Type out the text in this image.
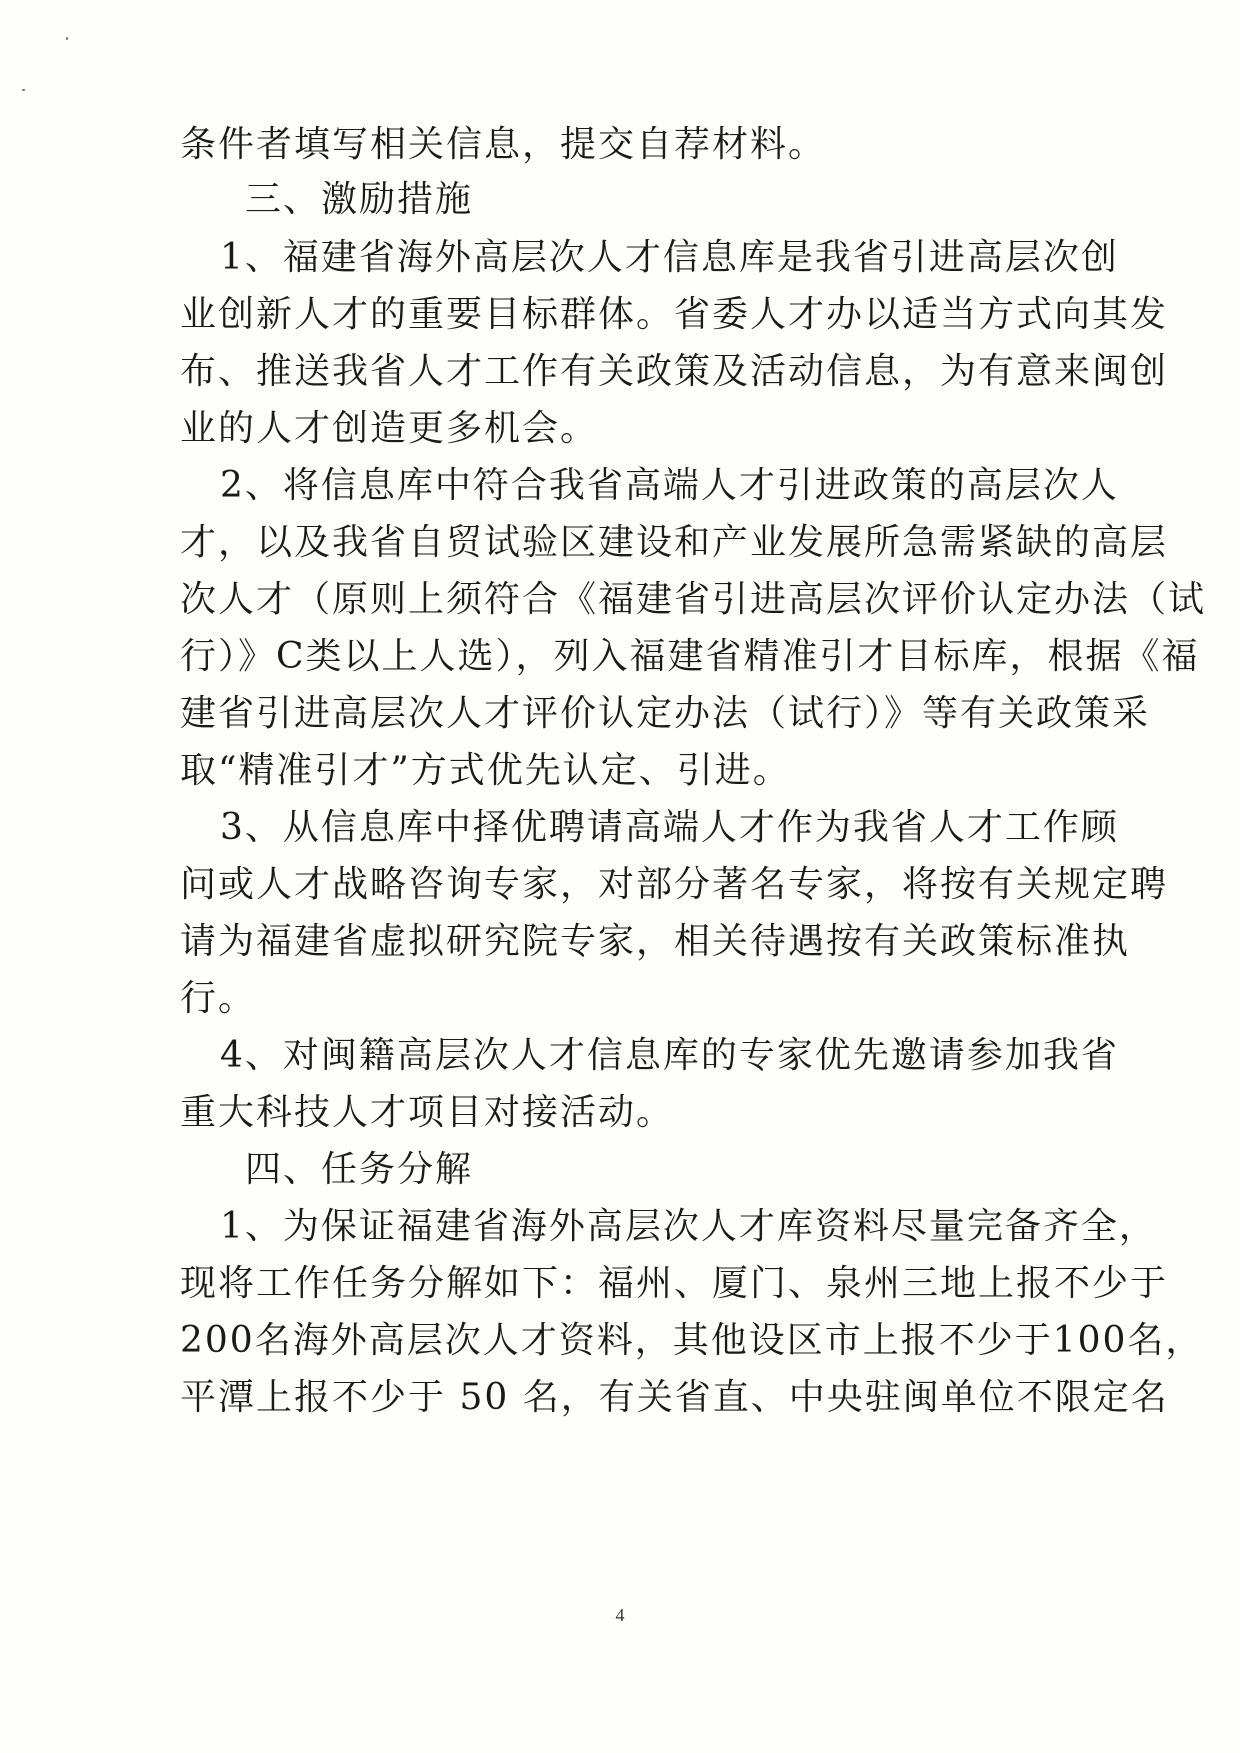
条件者填写相关信息，提交自荐材料。
三、激励措施
1、福建省海外高层次人才信息库是我省引进高层次创
业创新人才的重要目标群体。省委人才办以适当方式向其发
布、推送我省人才工作有关政策及活动信息，为有意来闽创
业的人才创造更多机会。
2、将信息库中符合我省高端人才引进政策的高层次人
才，以及我省自贸试验区建设和产业发展所急需紧缺的高层
次人才（原则上须符合《福建省引进高层次评价认定办法（试
行）》C类以上人选），列入福建省精准引才目标库，根据《福
建省引进高层次人才评价认定办法（试行）》等有关政策采
取“精准引才”方式优先认定、引进。
3、从信息库中择优聘请高端人才作为我省人才工作顾
问或人才战略咨询专家，对部分著名专家，将按有关规定聘
请为福建省虚拟研究院专家，相关待遇按有关政策标准执
行。
4、对闽籍高层次人才信息库的专家优先邀请参加我省
重大科技人才项目对接活动。
四、任务分解
1、为保证福建省海外高层次人才库资料尽量完备齐全，
现将工作任务分解如下：福州、厦门、泉州三地上报不少于
200名海外高层次人才资料，其他设区市上报不少于100名，
平潭上报不少于 50 名，有关省直、中央驻闽单位不限定名
4
